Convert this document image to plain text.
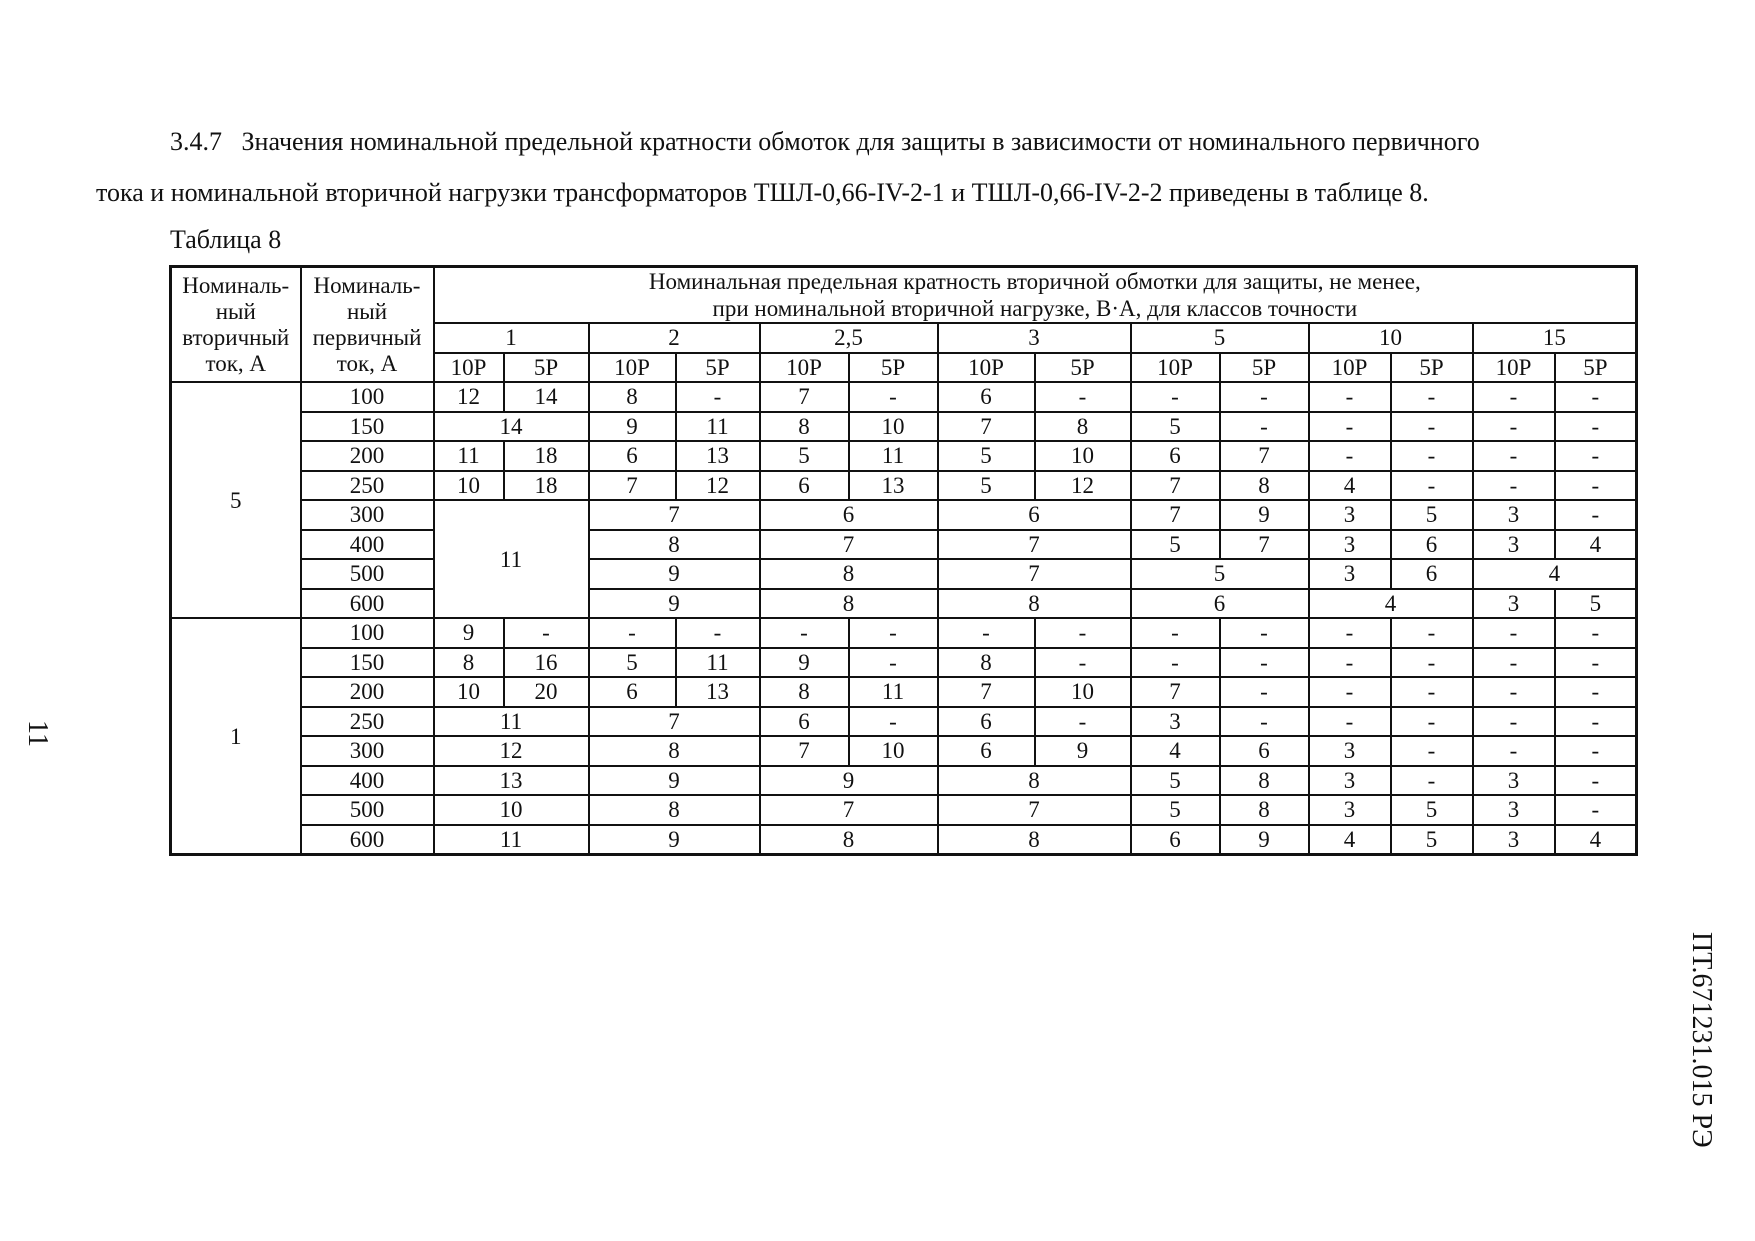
3.4.7 Значения номинальной предельной кратности обмоток для защиты в зависимости от номинального первичного
тока и номинальной вторичной нагрузки трансформаторов ТШЛ-0,66-IV-2-1 и ТШЛ-0,66-IV-2-2 приведены в таблице 8.

Таблица 8

Номиналь-
ный
вторичный
ток, А	Номиналь-
ный
первичный
ток, А	Номинальная предельная кратность вторичной обмотки для защиты, не менее,
при номинальной вторичной нагрузке, В·А, для классов точности													
		1		2		2,5		3		5		10		15	
		10P	5P	10P	5P	10P	5P	10P	5P	10P	5P	10P	5P	10P	5P
5	100	12	14	8	-	7	-	6	-	-	-	-	-	-	-
	150	14		9	11	8	10	7	8	5	-	-	-	-	-
	200	11	18	6	13	5	11	5	10	6	7	-	-	-	-
	250	10	18	7	12	6	13	5	12	7	8	4	-	-	-
	300	11		7		6		6		7	9	3	5	3	-
	400			8		7		7		5	7	3	6	3	4
	500			9		8		7		5		3	6	4	
	600			9		8		8		6		4		3	5
1	100	9	-	-	-	-	-	-	-	-	-	-	-	-	-
	150	8	16	5	11	9	-	8	-	-	-	-	-	-	-
	200	10	20	6	13	8	11	7	10	7	-	-	-	-	-
	250	11		7		6	-	6	-	3	-	-	-	-	-
	300	12		8		7	10	6	9	4	6	3	-	-	-
	400	13		9		9		8		5	8	3	-	3	-
	500	10		8		7		7		5	8	3	5	3	-
	600	11		9		8		8		6	9	4	5	3	4
11
ПТ.671231.015 РЭ
